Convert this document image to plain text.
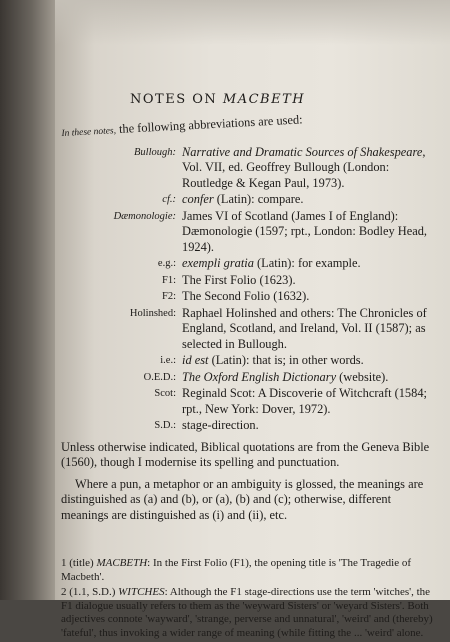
NOTES ON MACBETH
In these notes, the following abbreviations are used:
Bullough: Narrative and Dramatic Sources of Shakespeare, Vol. VII, ed. Geoffrey Bullough (London: Routledge & Kegan Paul, 1973).
cf.: confer (Latin): compare.
Dæmonologie: James VI of Scotland (James I of England): Dæmonologie (1597; rpt., London: Bodley Head, 1924).
e.g.: exempli gratia (Latin): for example.
F1: The First Folio (1623).
F2: The Second Folio (1632).
Holinshed: Raphael Holinshed and others: The Chronicles of England, Scotland, and Ireland, Vol. II (1587); as selected in Bullough.
i.e.: id est (Latin): that is; in other words.
O.E.D.: The Oxford English Dictionary (website).
Scot: Reginald Scot: A Discoverie of Witchcraft (1584; rpt., New York: Dover, 1972).
S.D.: stage-direction.

Unless otherwise indicated, Biblical quotations are from the Geneva Bible (1560), though I modernise its spelling and punctuation.

Where a pun, a metaphor or an ambiguity is glossed, the meanings are distinguished as (a) and (b), or (a), (b) and (c); otherwise, different meanings are distinguished as (i) and (ii), etc.

1 (title) MACBETH: In the First Folio (F1), the opening title is 'The Tragedie of Macbeth'.

2 (1.1, S.D.) WITCHES: Although the F1 stage-directions use the term 'witches', the F1 dialogue usually refers to them as the 'weyward Sisters' or 'weyard Sisters'. Both adjectives connote 'wayward', 'strange, perverse and unnatural', 'weird' and (thereby) 'fateful', thus invoking a wider range of meaning (while fitting the ... 'weird' alone.
